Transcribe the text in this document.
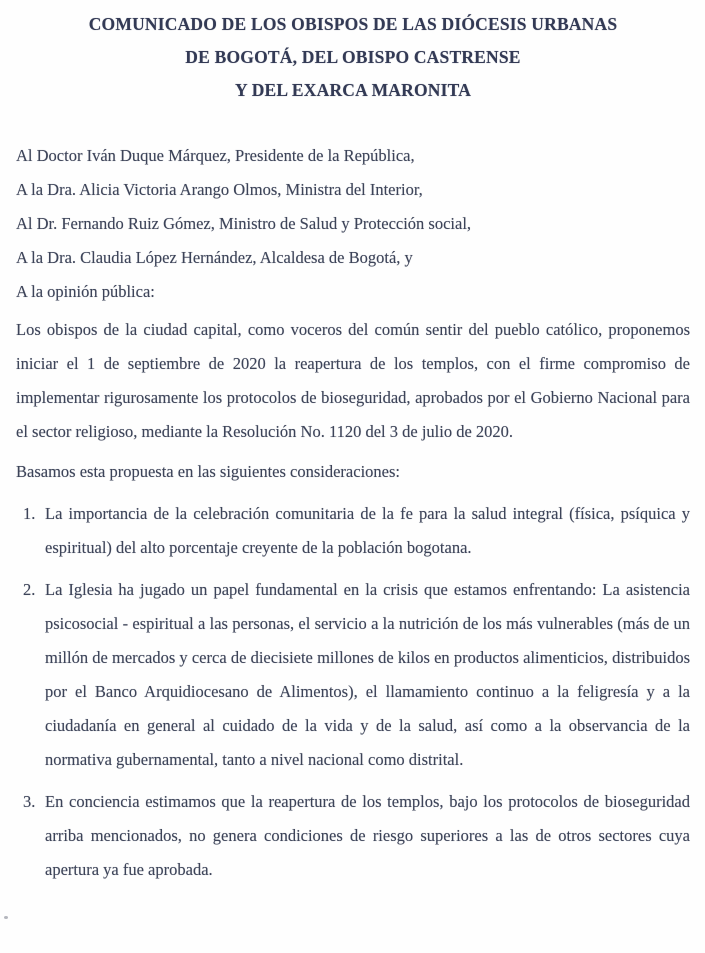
COMUNICADO DE LOS OBISPOS DE LAS DIÓCESIS URBANAS
DE BOGOTÁ, DEL OBISPO CASTRENSE
Y DEL EXARCA MARONITA
Al Doctor Iván Duque Márquez, Presidente de la República,
A la Dra. Alicia Victoria Arango Olmos, Ministra del Interior,
Al Dr. Fernando Ruiz Gómez, Ministro de Salud y Protección social,
A la Dra. Claudia López Hernández, Alcaldesa de Bogotá, y
A la opinión pública:

Los obispos de la ciudad capital, como voceros del común sentir del pueblo católico, proponemos iniciar el 1 de septiembre de 2020 la reapertura de los templos, con el firme compromiso de implementar rigurosamente los protocolos de bioseguridad, aprobados por el Gobierno Nacional para el sector religioso, mediante la Resolución No. 1120 del 3 de julio de 2020.

Basamos esta propuesta en las siguientes consideraciones:

1. La importancia de la celebración comunitaria de la fe para la salud integral (física, psíquica y espiritual) del alto porcentaje creyente de la población bogotana.
2. La Iglesia ha jugado un papel fundamental en la crisis que estamos enfrentando: La asistencia psicosocial - espiritual a las personas, el servicio a la nutrición de los más vulnerables (más de un millón de mercados y cerca de diecisiete millones de kilos en productos alimenticios, distribuidos por el Banco Arquidiocesano de Alimentos), el llamamiento continuo a la feligresía y a la ciudadanía en general al cuidado de la vida y de la salud, así como a la observancia de la normativa gubernamental, tanto a nivel nacional como distrital.
3. En conciencia estimamos que la reapertura de los templos, bajo los protocolos de bioseguridad arriba mencionados, no genera condiciones de riesgo superiores a las de otros sectores cuya apertura ya fue aprobada.
